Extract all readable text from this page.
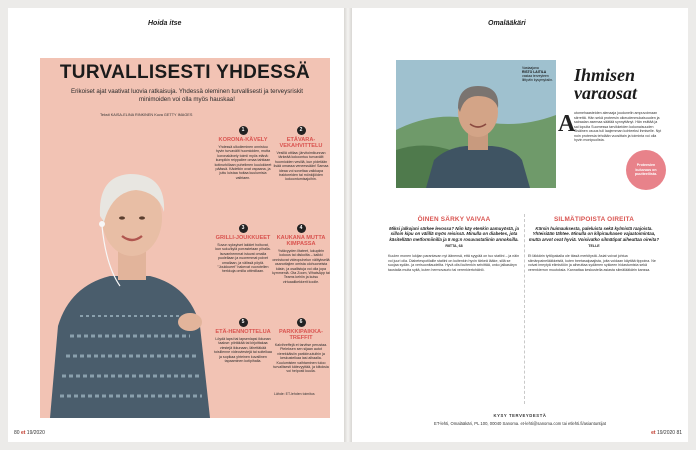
Hoida itse
TURVALLISESTI YHDESSÄ
Erikoiset ajat vaativat luovia ratkaisuja. Yhdessä oleminen turvallisesti ja terveysriskit minimoiden voi olla myös hauskaa!
Teksti KAISA-ELINA RINKINEN Kuva GETTY IMAGES
1
KORONA-KÄVELY
Yhdessä ulkoileminen onnistuu hyvin turvavälit huomioiden, mutta koronakävely toimii myös etänä: kumpikin reippailee omaa tahtiaan kotinurkillaan puhelimen kuulokkeet päässä. Kädetkin ovat vapaana, ja juttu luistaa hoitaa kuulumisia vaihtaen.
2
ETÄVARAVEKAHVITTELU
Vesillä ottilaa: järvitoimikunnan tärkeää kokoontuu turvavälit huomioiden vesillä, kun pidetään lisää omassa veneessään! Samaa ideaa voi soveltaa vaikkapa traktoreiden tai mönkijöiden kokoontumisajoihin.
3
GRILLI-JOUKKUEET
Suvun syksyiset lakkiet hoituvat, kun suku/kylä porrastetaan pihalla. Isovanhemmat istuvat omalla puolellaan ja nuoremmat polvet omallaan, ja välissä pöytä. "Joukkueet" hakevat vuorotellen herkkuja omilla ottimillaan.
4
KAUKANA MUTTA KIMPASSA
Ystävyyden iltateet, lukupiirin kokous tai diskoilta – kaikki onnistuvat videopuhelun välityksellä osanottajien omista olohuoneista käsin, ja osallistuja voi olla jopa kymmeniä. Ota Zoom, WhatsApp tai Teams kehiin ja kutsu virtuaalikekkerit koolle.
5
ETÄ-HENNOTTELUA
Löydä lapsi tai lapsenlapsi ikkunan taakse: piirtäkää tai kirjoittakaa viestejä ikkunaan, lähettäkää toisillenne videoviestejä tai soitelkaa ja sopikaa yhteinen kuvallinen tapaaminen kotipihalla.
6
PARKKIPAIKKA-TREFFIT
Kalvihreffejä et tarvitse perustaa. Pieleksen sen sijaan autot vierekkäisiin parkkiruutuihin ja keskustelkaa lasi alhaalla. Kuulumisten vaihtaminen tuloo turvallisesti kätevyyttää, ja kiitoksia voi helposti kuulla.
Lähde: ET-lehden toimitus
80 et 19/2020
Omalääkäri
Vastaajana
RISTO LAITILA
vastaa terveyteen liittyviin kysymyksiin. Ihmisen varaosat
A
utomehaasteiden alenaaja joudunelin ampuvoimaan siirrettä. Hän sekä proteesin oikeudenmukaisuuden ja sairaalan asemaa säätää synnyttänyt. Hän esittää ja sai lopulta Suomessa tarvikkeiden kokonaisuuden Sisäinen osuus tuli laajemman kohteeksi ihmiselle. Nyt noin proteesia tehdään vuosittain ja toiminta voi olla hyvin monipuolista.
Proteesien kuluvuus on puutteellista.
ÖINEN SÄRKY VAIVAA
Miksi jalkojani särkee levossa? Niin käy etenkin aamuyöstä, ja silloin kipu on välillä myös reisissä. Minulla on diabetes, jota käsitellään metformiinilla ja 5 mg:n rosuvastatiinin annoksilla.
RIITTA, 68
Kuulen monen lukijan parantavan nyt äänensä, että syypää on tuo statiini – ja näin voi juuri olla. Diabetespotilaille statiini on kuitenkin hyvin tärkeä lääke, sillä se suojaa sydän- ja verisuonitaudeilta. Hyvä olisi kuitenkin selvittää, onko jalkasäryn taustalla muita syitä, kuten hermovaurio tai verenkiertohäiriö.
SILMÄTIPOISTA OIREITA
Kärsin huimauksesta, paleluista sekä kylmistä raajoista. Yhteisiään tähtee. Minulla on kilpirauhasen vajaatoimintaa, mutta arvot ovat hyviä. Voisivatko silmätipat aiheuttaa oireita?
TELLE
Et läkkärin tyttöpakalla ole tässä merkitystä. Asiat voivat johtua silmänpainelääkkeistä, kuten beetasalpaajista, joita voidaan käyttää tippoina. Ne voivat imeytyä elimistöön ja aiheuttaa sydämen sykkeen hidastumista sekä verenkierron muutoksia. Kannattaa keskustella asiasta silmälääkärin kanssa.
KYSY TERVEYDESTÄ
ET-lehti, Omalääkäri, PL 100, 00040 Sanoma. et-lehti@sanoma.com tai etlehti.fi/asiantuntijat
et 19/2020 81
